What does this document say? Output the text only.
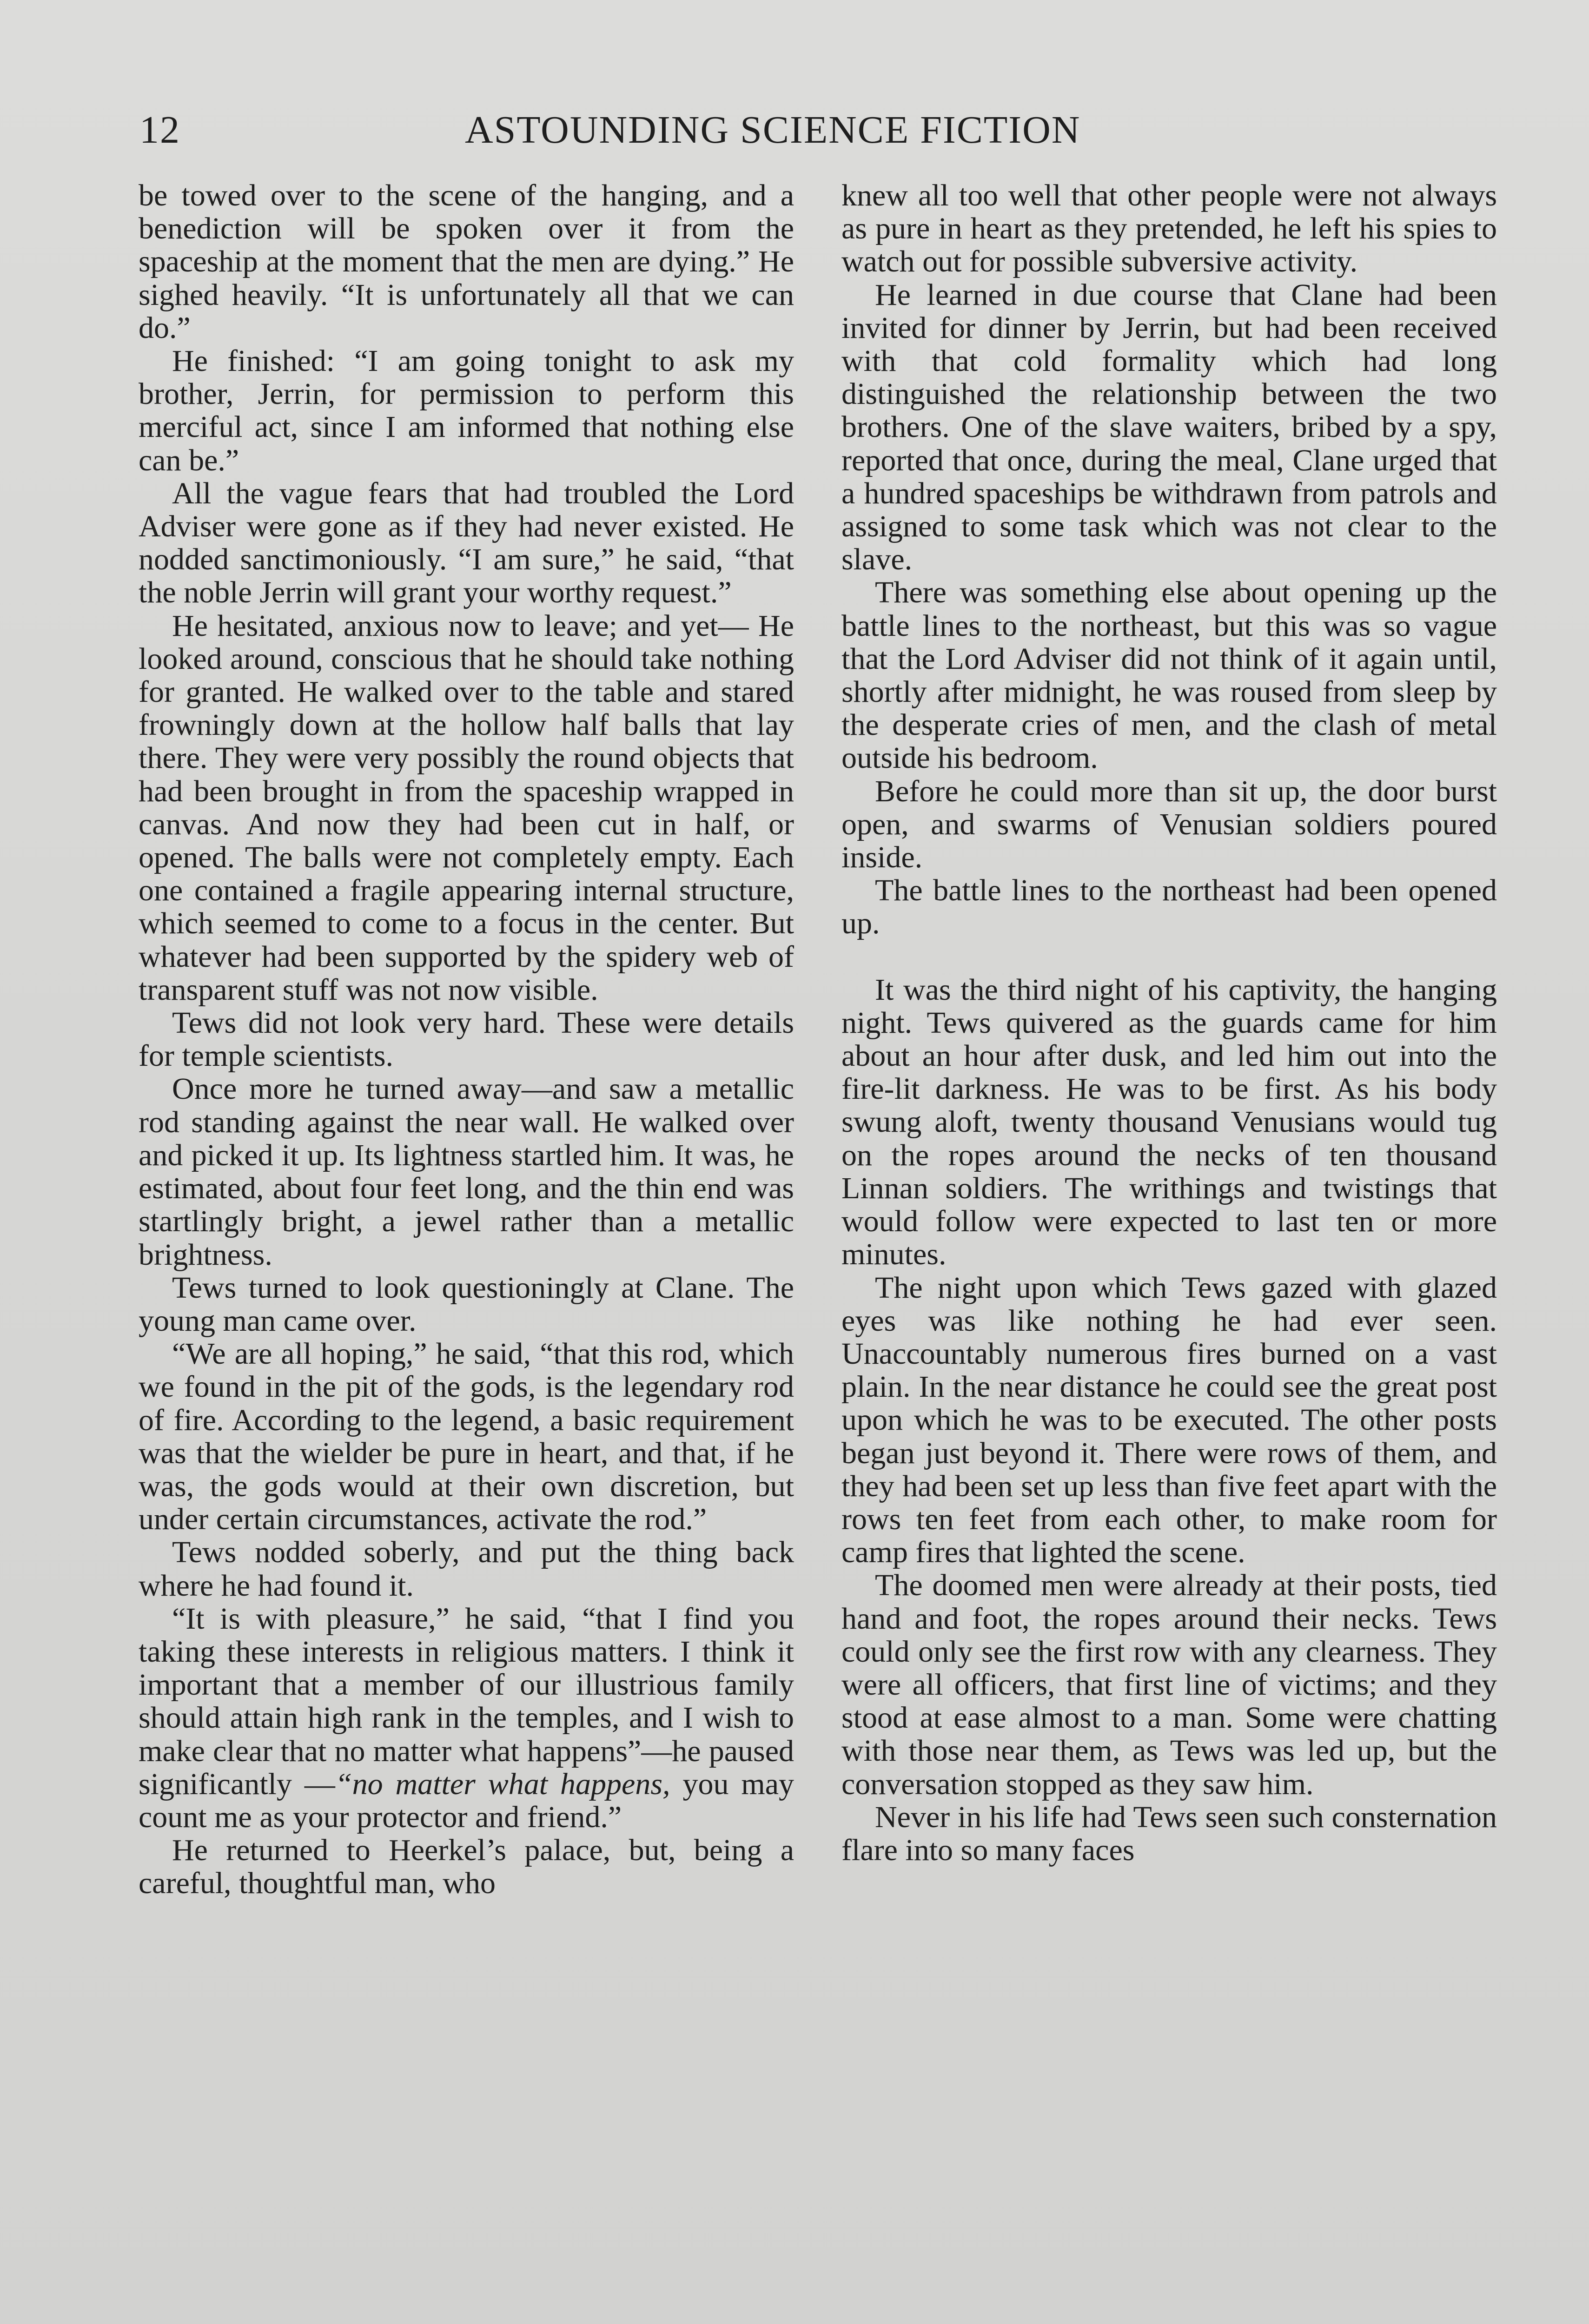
12	ASTOUNDING SCIENCE FICTION

be towed over to the scene of the hanging, and a benediction will be spoken over it from the spaceship at the moment that the men are dying.” He sighed heavily. “It is unfortunately all that we can do.”

He finished: “I am going tonight to ask my brother, Jerrin, for permission to perform this merciful act, since I am informed that nothing else can be.”

All the vague fears that had troubled the Lord Adviser were gone as if they had never existed. He nodded sanctimoniously. “I am sure,” he said, “that the noble Jerrin will grant your worthy request.”

He hesitated, anxious now to leave; and yet— He looked around, conscious that he should take nothing for granted. He walked over to the table and stared frowningly down at the hollow half balls that lay there. They were very possibly the round objects that had been brought in from the spaceship wrapped in canvas. And now they had been cut in half, or opened. The balls were not completely empty. Each one contained a fragile appearing internal structure, which seemed to come to a focus in the center. But whatever had been supported by the spidery web of transparent stuff was not now visible.

Tews did not look very hard. These were details for temple scientists.

Once more he turned away—and saw a metallic rod standing against the near wall. He walked over and picked it up. Its lightness startled him. It was, he estimated, about four feet long, and the thin end was startlingly bright, a jewel rather than a metallic brightness.

Tews turned to look questioningly at Clane. The young man came over.

“We are all hoping,” he said, “that this rod, which we found in the pit of the gods, is the legendary rod of fire. According to the legend, a basic requirement was that the wielder be pure in heart, and that, if he was, the gods would at their own discretion, but under certain circumstances, activate the rod.”

Tews nodded soberly, and put the thing back where he had found it.

“It is with pleasure,” he said, “that I find you taking these interests in religious matters. I think it important that a member of our illustrious family should attain high rank in the temples, and I wish to make clear that no matter what happens”—he paused significantly —“no matter what happens, you may count me as your protector and friend.”

He returned to Heerkel’s palace, but, being a careful, thoughtful man, who

knew all too well that other people were not always as pure in heart as they pretended, he left his spies to watch out for possible subversive activity.

He learned in due course that Clane had been invited for dinner by Jerrin, but had been received with that cold formality which had long distinguished the relationship between the two brothers. One of the slave waiters, bribed by a spy, reported that once, during the meal, Clane urged that a hundred spaceships be withdrawn from patrols and assigned to some task which was not clear to the slave.

There was something else about opening up the battle lines to the northeast, but this was so vague that the Lord Adviser did not think of it again until, shortly after midnight, he was roused from sleep by the desperate cries of men, and the clash of metal outside his bedroom.

Before he could more than sit up, the door burst open, and swarms of Venusian soldiers poured inside.

The battle lines to the northeast had been opened up.

It was the third night of his captivity, the hanging night. Tews quivered as the guards came for him about an hour after dusk, and led him out into the fire-lit darkness. He was to be first. As his body swung aloft, twenty thousand Venusians would tug on the ropes around the necks of ten thousand Linnan soldiers. The writhings and twistings that would follow were expected to last ten or more minutes.

The night upon which Tews gazed with glazed eyes was like nothing he had ever seen. Unaccountably numerous fires burned on a vast plain. In the near distance he could see the great post upon which he was to be executed. The other posts began just beyond it. There were rows of them, and they had been set up less than five feet apart with the rows ten feet from each other, to make room for camp fires that lighted the scene.

The doomed men were already at their posts, tied hand and foot, the ropes around their necks. Tews could only see the first row with any clearness. They were all officers, that first line of victims; and they stood at ease almost to a man. Some were chatting with those near them, as Tews was led up, but the conversation stopped as they saw him.

Never in his life had Tews seen such consternation flare into so many faces
